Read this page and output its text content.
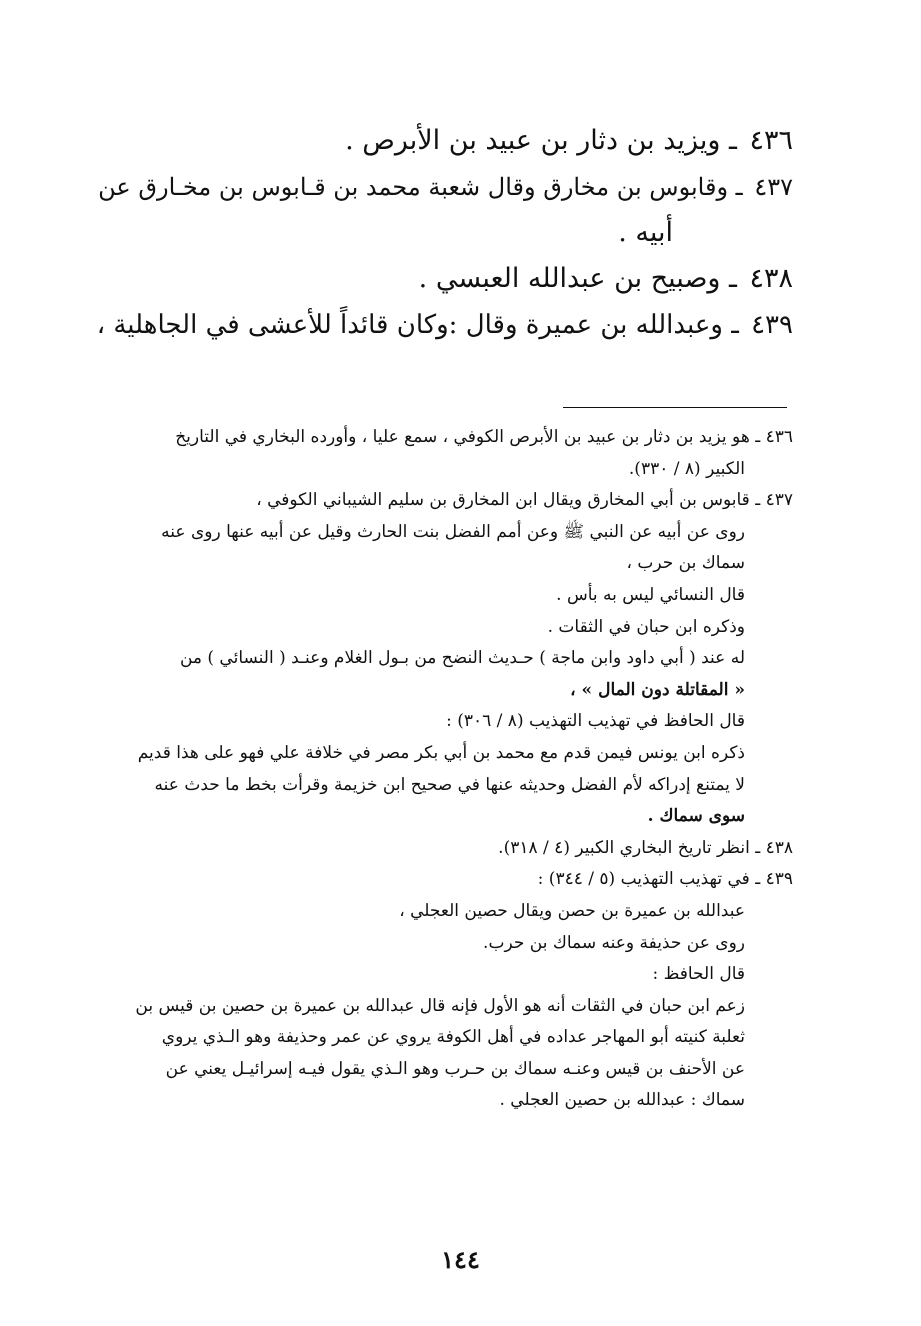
٤٣٦ ـ ويزيد بن دثار بن عبيد بن الأبرص .
٤٣٧ ـ وقابوس بن مخارق وقال شعبة محمد بن قـابوس بن مخـارق عن
أبيه .
٤٣٨ ـ وصبيح بن عبدالله العبسي .
٤٣٩ ـ وعبدالله بن عميرة وقال :وكان قائداً للأعشى في الجاهلية ،
٤٣٦ ـ هو يزيد بن دثار بن عبيد بن الأبرص الكوفي ، سمع عليا ، وأورده البخاري في التاريخ
الكبير (٨ / ٣٣٠).
٤٣٧ ـ قابوس بن أبي المخارق ويقال ابن المخارق بن سليم الشيباني الكوفي ،
روى عن أبيه عن النبي ﷺ وعن أمم الفضل بنت الحارث وقيل عن أبيه عنها روى عنه
سماك بن حرب ،
قال النسائي ليس به بأس .
وذكره ابن حبان في الثقات .
له عند ( أبي داود وابن ماجة ) حـديث النضح من بـول الغلام وعنـد ( النسائي ) من
« المقاتلة دون المال » ،
قال الحافظ في تهذيب التهذيب (٨ / ٣٠٦) :
ذكره ابن يونس فيمن قدم مع محمد بن أبي بكر مصر في خلافة علي فهو على هذا قديم
لا يمتنع إدراكه لأم الفضل وحديثه عنها في صحيح ابن خزيمة وقرأت بخط ما حدث عنه
سوى سماك .
٤٣٨ ـ انظر تاريخ البخاري الكبير (٤ / ٣١٨).
٤٣٩ ـ في تهذيب التهذيب (٥ / ٣٤٤) :
عبدالله بن عميرة بن حصن ويقال حصين العجلي ،
روى عن حذيفة وعنه سماك بن حرب.
قال الحافظ :
زعم ابن حبان في الثقات أنه هو الأول فإنه قال عبدالله بن عميرة بن حصين بن قيس بن
ثعلبة كنيته أبو المهاجر عداده في أهل الكوفة يروي عن عمر وحذيفة وهو الـذي يروي
عن الأحنف بن قيس وعنـه سماك بن حـرب وهو الـذي يقول فيـه إسرائيـل يعني عن
سماك : عبدالله بن حصين العجلي .
١٤٤
